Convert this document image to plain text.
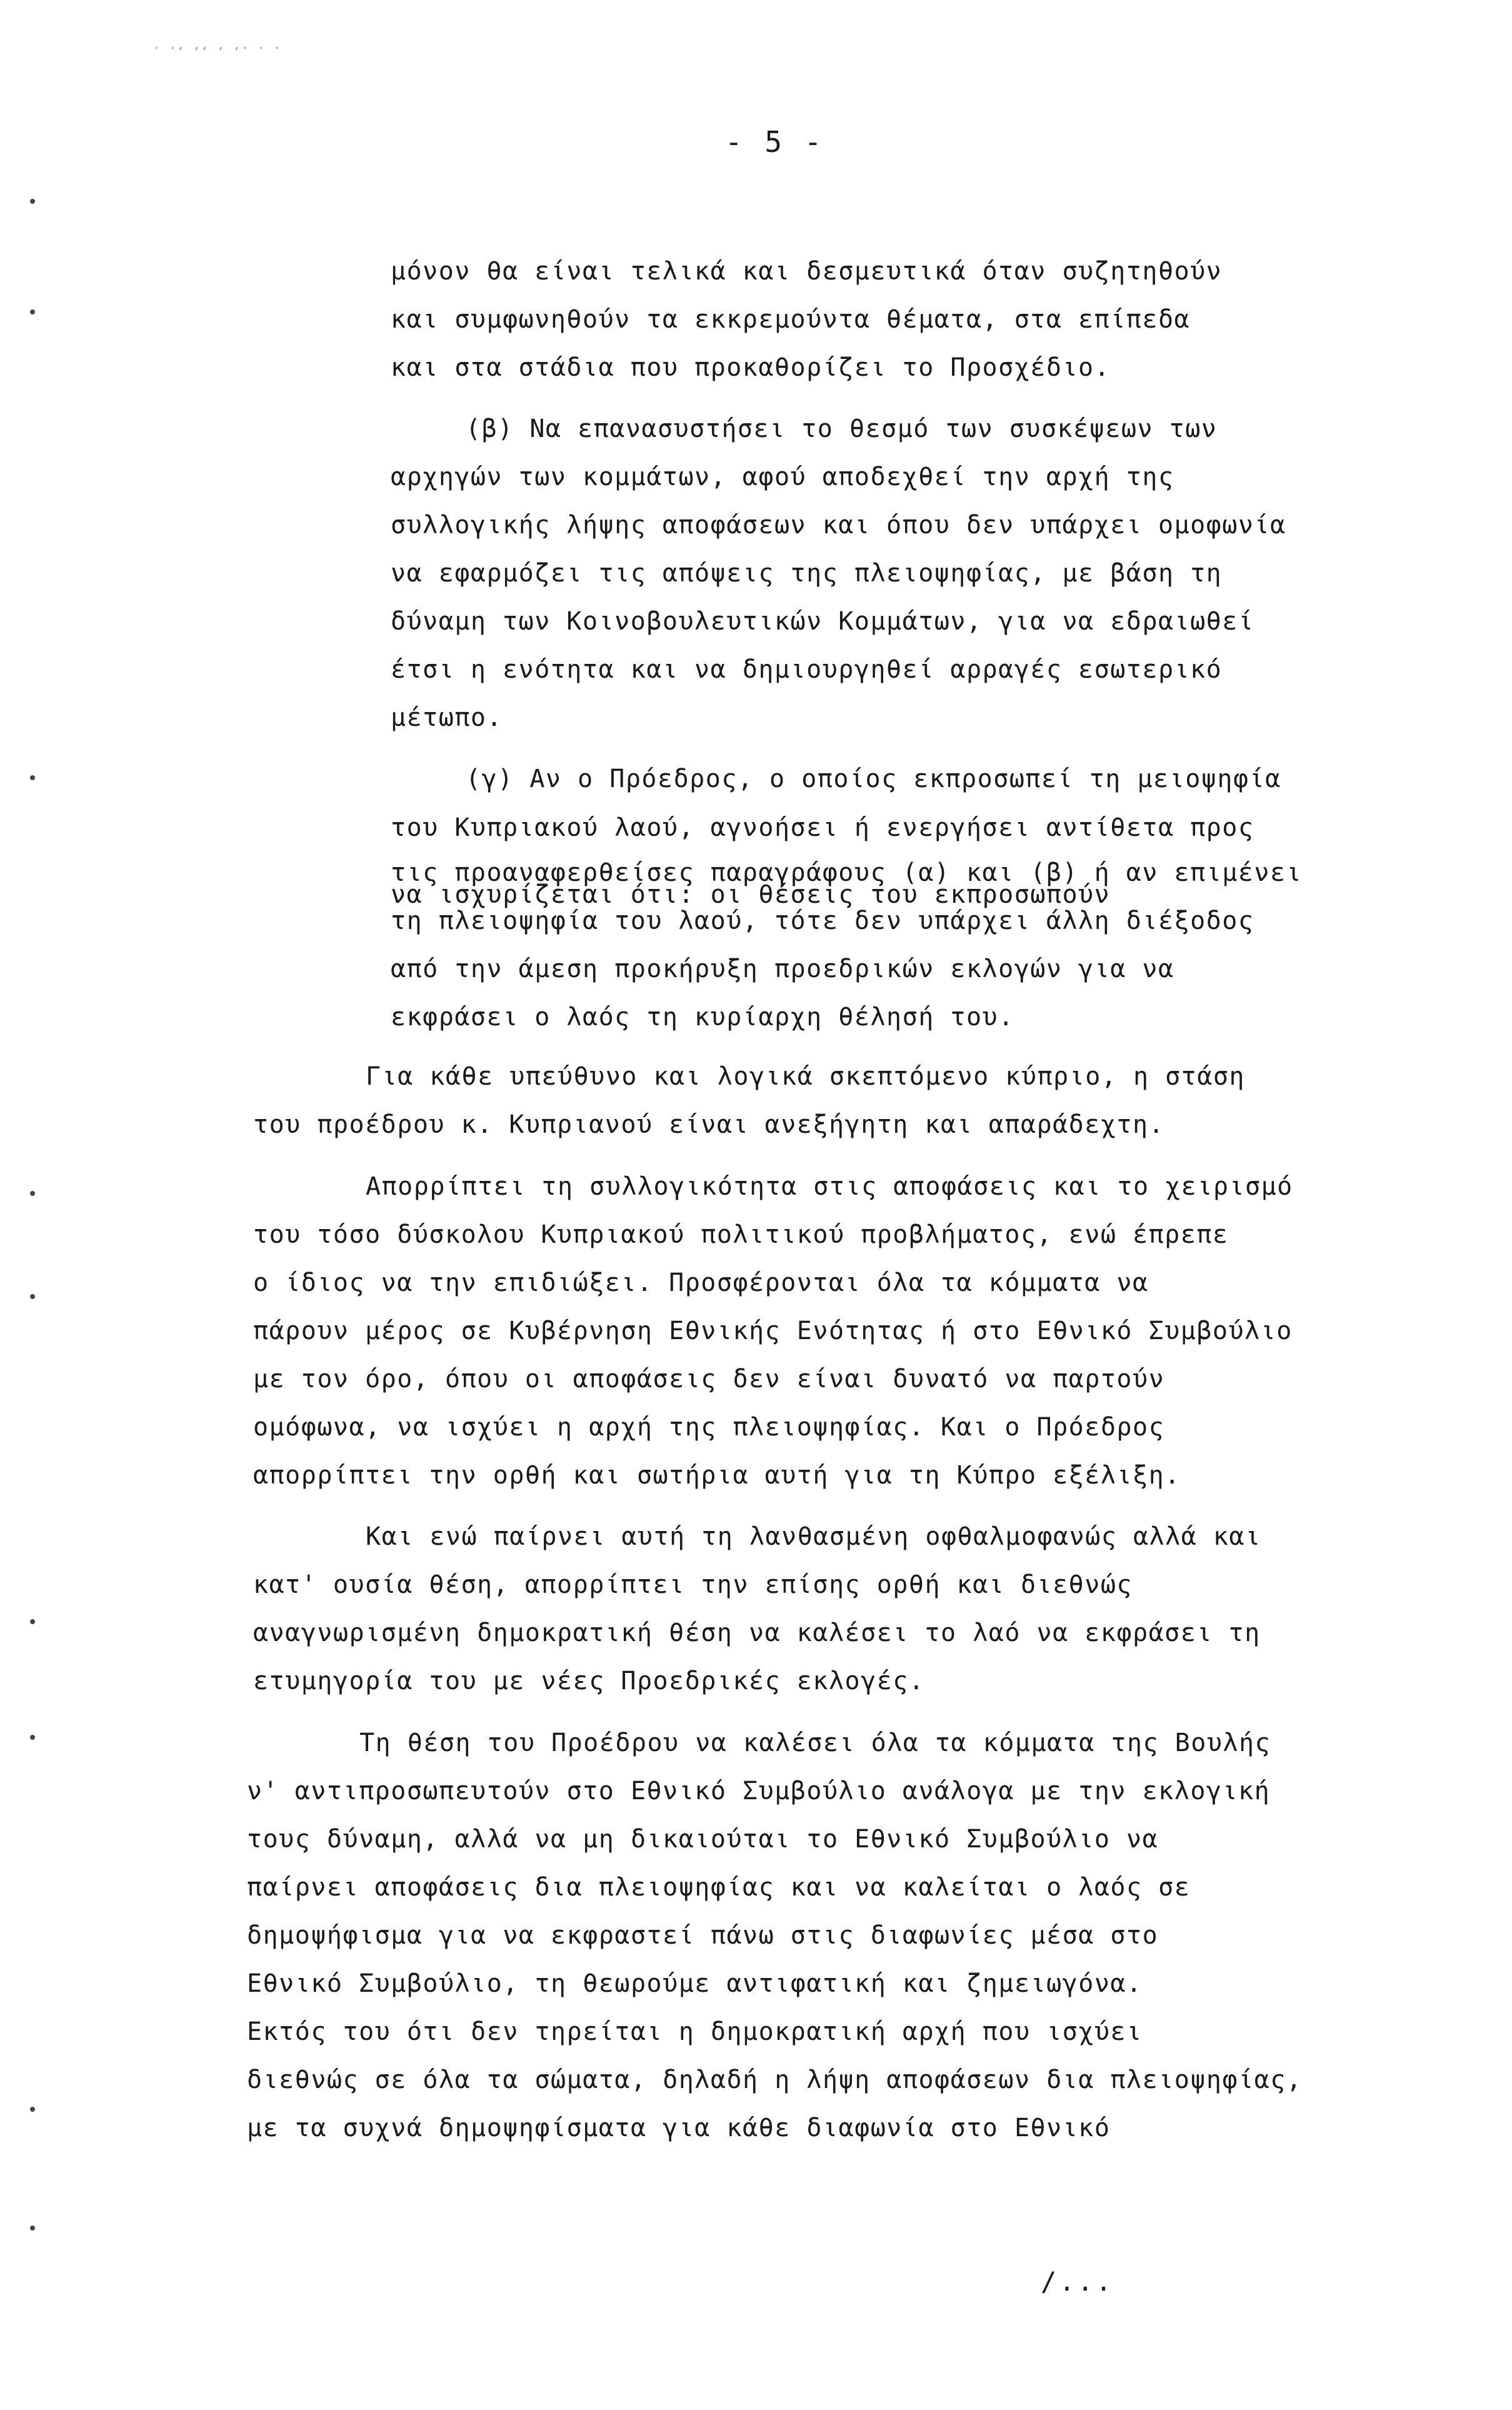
. ., ,, , ,. . .
- 5 -
μόνον θα είναι τελικά και δεσμευτικά όταν συζητηθούν
και συμφωνηθούν τα εκκρεμούντα θέματα, στα επίπεδα
και στα στάδια που προκαθορίζει το Προσχέδιο.
(β) Να επανασυστήσει το θεσμό των συσκέψεων των
αρχηγών των κομμάτων, αφού αποδεχθεί την αρχή της
συλλογικής λήψης αποφάσεων και όπου δεν υπάρχει ομοφωνία
να εφαρμόζει τις απόψεις της πλειοψηφίας, με βάση τη
δύναμη των Κοινοβουλευτικών Κομμάτων, για να εδραιωθεί
έτσι η ενότητα και να δημιουργηθεί αρραγές εσωτερικό
μέτωπο.
(γ) Αν ο Πρόεδρος, ο οποίος εκπροσωπεί τη μειοψηφία
του Κυπριακού λαού, αγνοήσει ή ενεργήσει αντίθετα προς
τις προαναφερθείσες παραγράφους (α) και (β) ή αν επιμένει
να ισχυρίζεται ότι: οι θέσεις του εκπροσωπούν
τη πλειοψηφία του λαού, τότε δεν υπάρχει άλλη διέξοδος
από την άμεση προκήρυξη προεδρικών εκλογών για να
εκφράσει ο λαός τη κυρίαρχη θέλησή του.
Για κάθε υπεύθυνο και λογικά σκεπτόμενο κύπριο, η στάση
του προέδρου κ. Κυπριανού είναι ανεξήγητη και απαράδεχτη.
Απορρίπτει τη συλλογικότητα στις αποφάσεις και το χειρισμό
του τόσο δύσκολου Κυπριακού πολιτικού προβλήματος, ενώ έπρεπε
ο ίδιος να την επιδιώξει. Προσφέρονται όλα τα κόμματα να
πάρουν μέρος σε Κυβέρνηση Εθνικής Ενότητας ή στο Εθνικό Συμβούλιο
με τον όρο, όπου οι αποφάσεις δεν είναι δυνατό να παρτούν
ομόφωνα, να ισχύει η αρχή της πλειοψηφίας. Και ο Πρόεδρος
απορρίπτει την ορθή και σωτήρια αυτή για τη Κύπρο εξέλιξη.
Και ενώ παίρνει αυτή τη λανθασμένη οφθαλμοφανώς αλλά και
κατ' ουσία θέση, απορρίπτει την επίσης ορθή και διεθνώς
αναγνωρισμένη δημοκρατική θέση να καλέσει το λαό να εκφράσει τη
ετυμηγορία του με νέες Προεδρικές εκλογές.
Τη θέση του Προέδρου να καλέσει όλα τα κόμματα της Βουλής
ν' αντιπροσωπευτούν στο Εθνικό Συμβούλιο ανάλογα με την εκλογική
τους δύναμη, αλλά να μη δικαιούται το Εθνικό Συμβούλιο να
παίρνει αποφάσεις δια πλειοψηφίας και να καλείται ο λαός σε
δημοψήφισμα για να εκφραστεί πάνω στις διαφωνίες μέσα στο
Εθνικό Συμβούλιο, τη θεωρούμε αντιφατική και ζημειωγόνα.
Εκτός του ότι δεν τηρείται η δημοκρατική αρχή που ισχύει
διεθνώς σε όλα τα σώματα, δηλαδή η λήψη αποφάσεων δια πλειοψηφίας,
με τα συχνά δημοψηφίσματα για κάθε διαφωνία στο Εθνικό
/...
